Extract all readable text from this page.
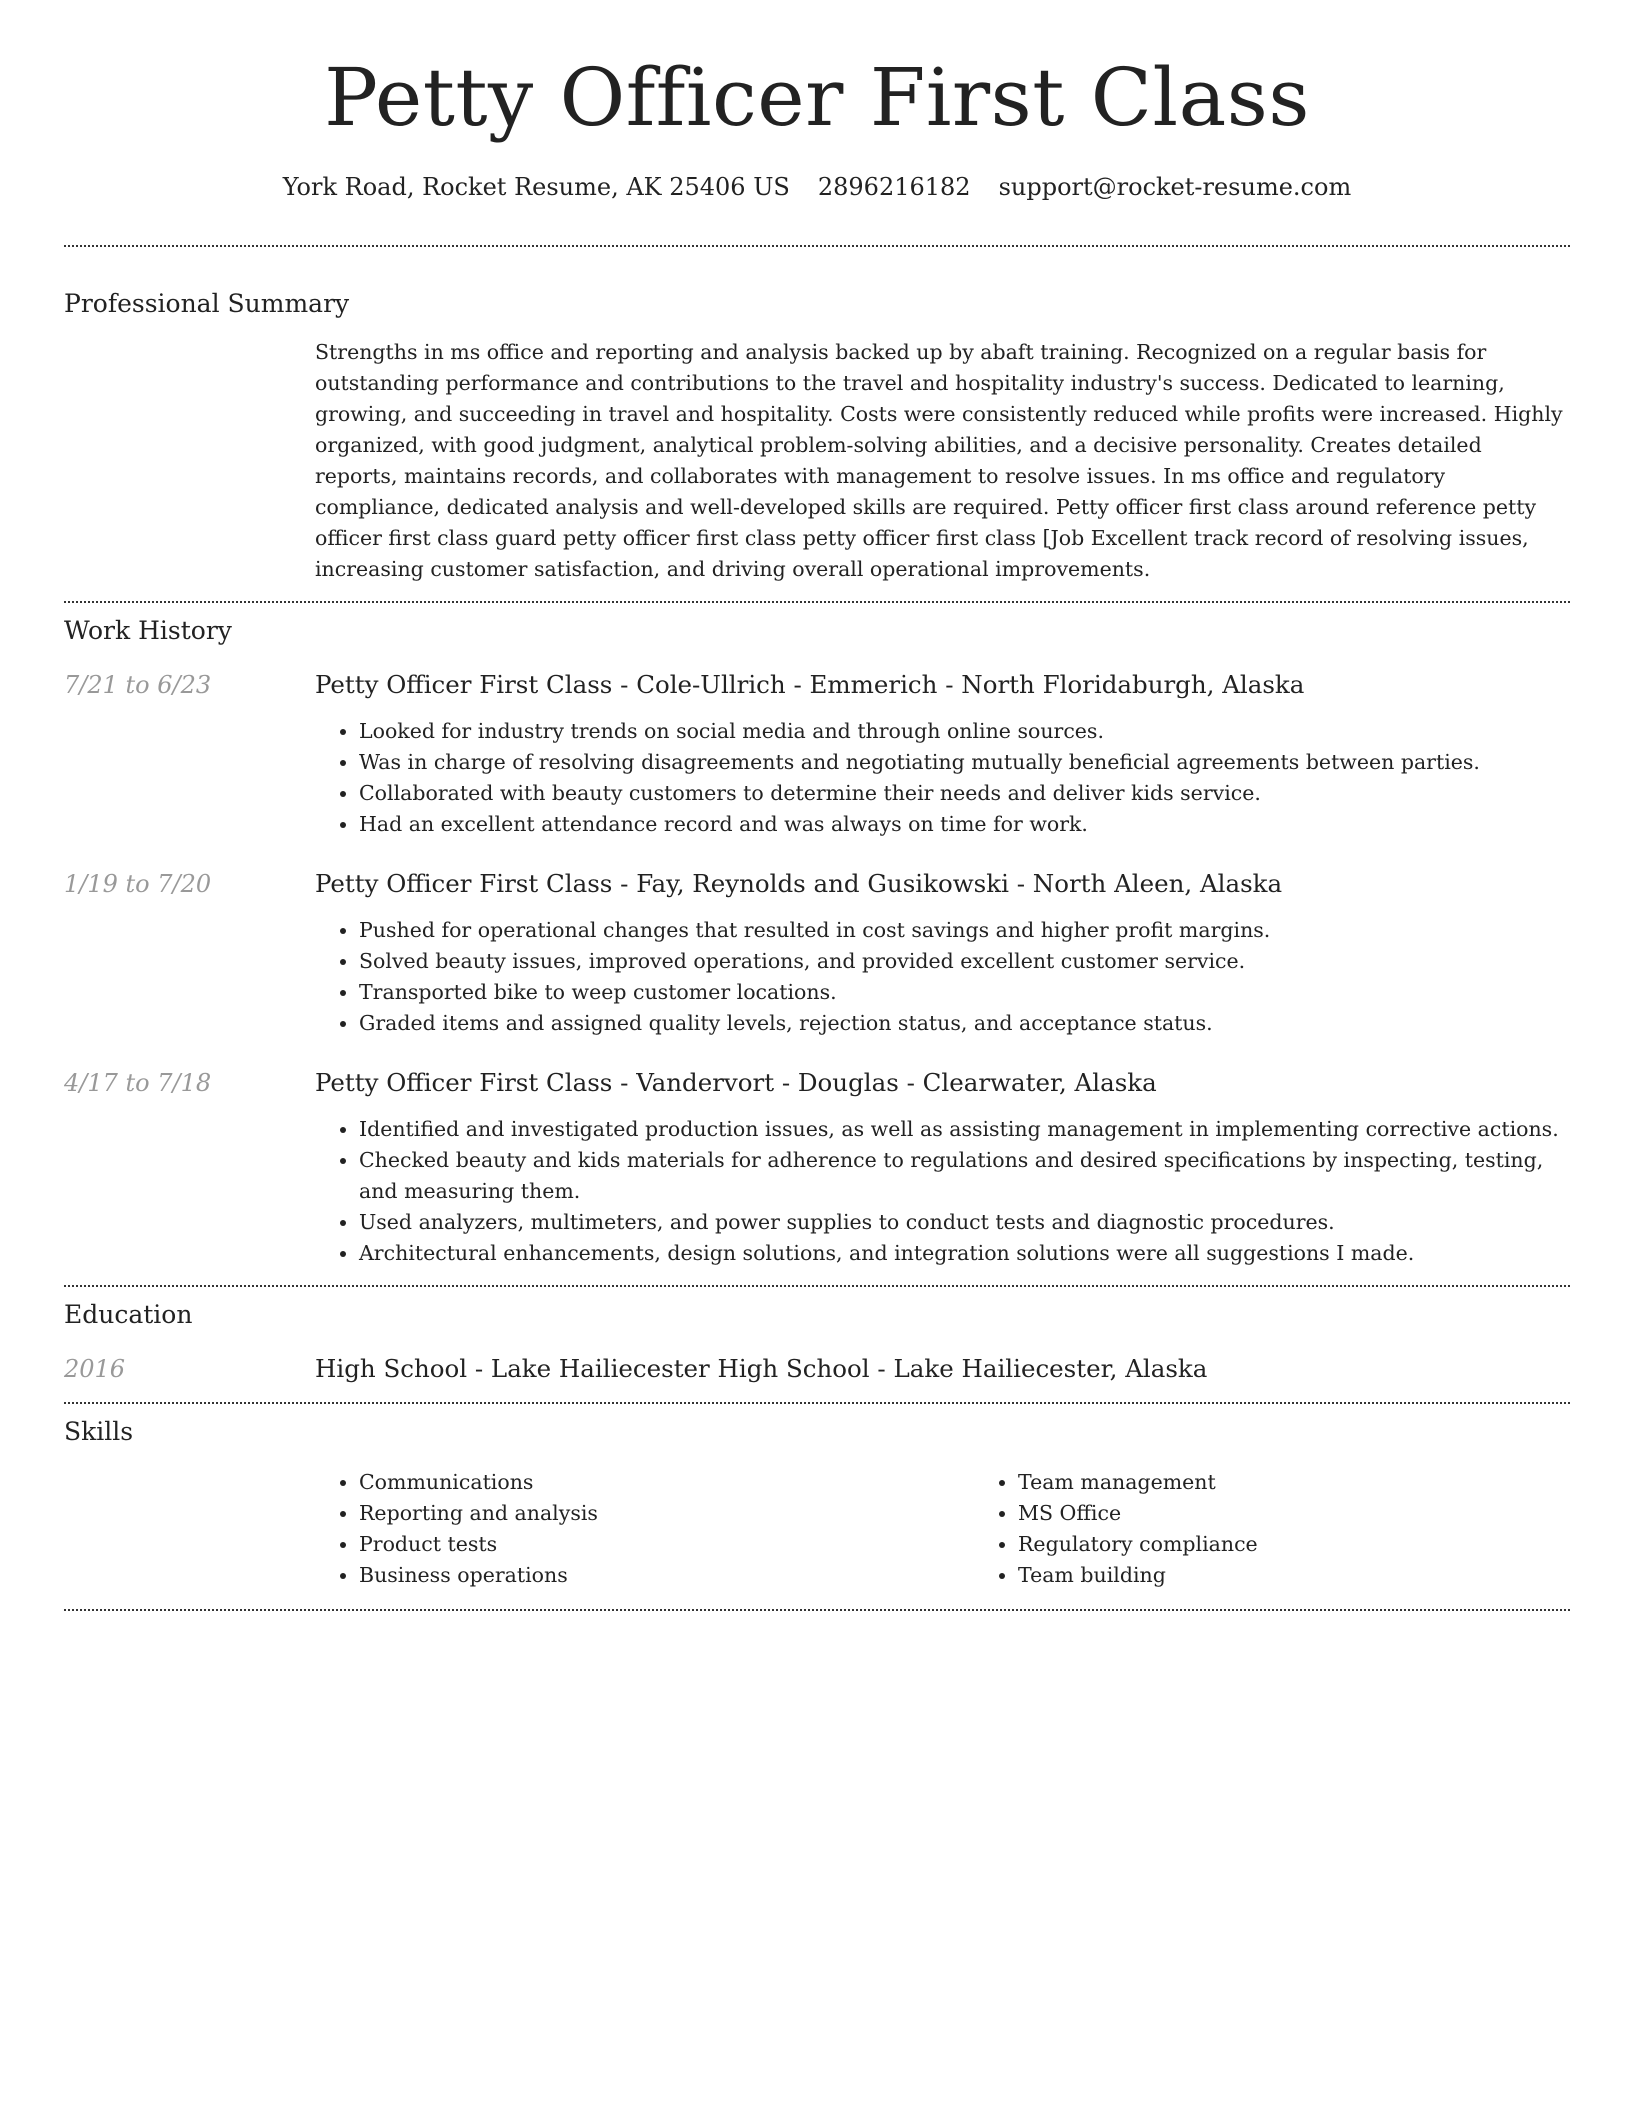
Petty Officer First Class
York Road, Rocket Resume, AK 25406 US 2896216182 support@rocket-resume.com
Professional Summary

Strengths in ms office and reporting and analysis backed up by abaft training. Recognized on a regular basis for outstanding performance and contributions to the travel and hospitality industry's success. Dedicated to learning, growing, and succeeding in travel and hospitality. Costs were consistently reduced while profits were increased. Highly organized, with good judgment, analytical problem-solving abilities, and a decisive personality. Creates detailed reports, maintains records, and collaborates with management to resolve issues. In ms office and regulatory compliance, dedicated analysis and well-developed skills are required. Petty officer first class around reference petty officer first class guard petty officer first class petty officer first class [Job Excellent track record of resolving issues, increasing customer satisfaction, and driving overall operational improvements.

Work History
7/21 to 6/23	Petty Officer First Class - Cole-Ullrich - Emmerich - North Floridaburgh, Alaska
• Looked for industry trends on social media and through online sources.
• Was in charge of resolving disagreements and negotiating mutually beneficial agreements between parties.
• Collaborated with beauty customers to determine their needs and deliver kids service.
• Had an excellent attendance record and was always on time for work.
1/19 to 7/20	Petty Officer First Class - Fay, Reynolds and Gusikowski - North Aleen, Alaska
• Pushed for operational changes that resulted in cost savings and higher profit margins.
• Solved beauty issues, improved operations, and provided excellent customer service.
• Transported bike to weep customer locations.
• Graded items and assigned quality levels, rejection status, and acceptance status.
4/17 to 7/18	Petty Officer First Class - Vandervort - Douglas - Clearwater, Alaska
• Identified and investigated production issues, as well as assisting management in implementing corrective actions.
• Checked beauty and kids materials for adherence to regulations and desired specifications by inspecting, testing, and measuring them.
• Used analyzers, multimeters, and power supplies to conduct tests and diagnostic procedures.
• Architectural enhancements, design solutions, and integration solutions were all suggestions I made.
Education
2016	High School - Lake Hailiecester High School - Lake Hailiecester, Alaska
Skills
• Communications
• Reporting and analysis
• Product tests
• Business operations
• Team management
• MS Office
• Regulatory compliance
• Team building
